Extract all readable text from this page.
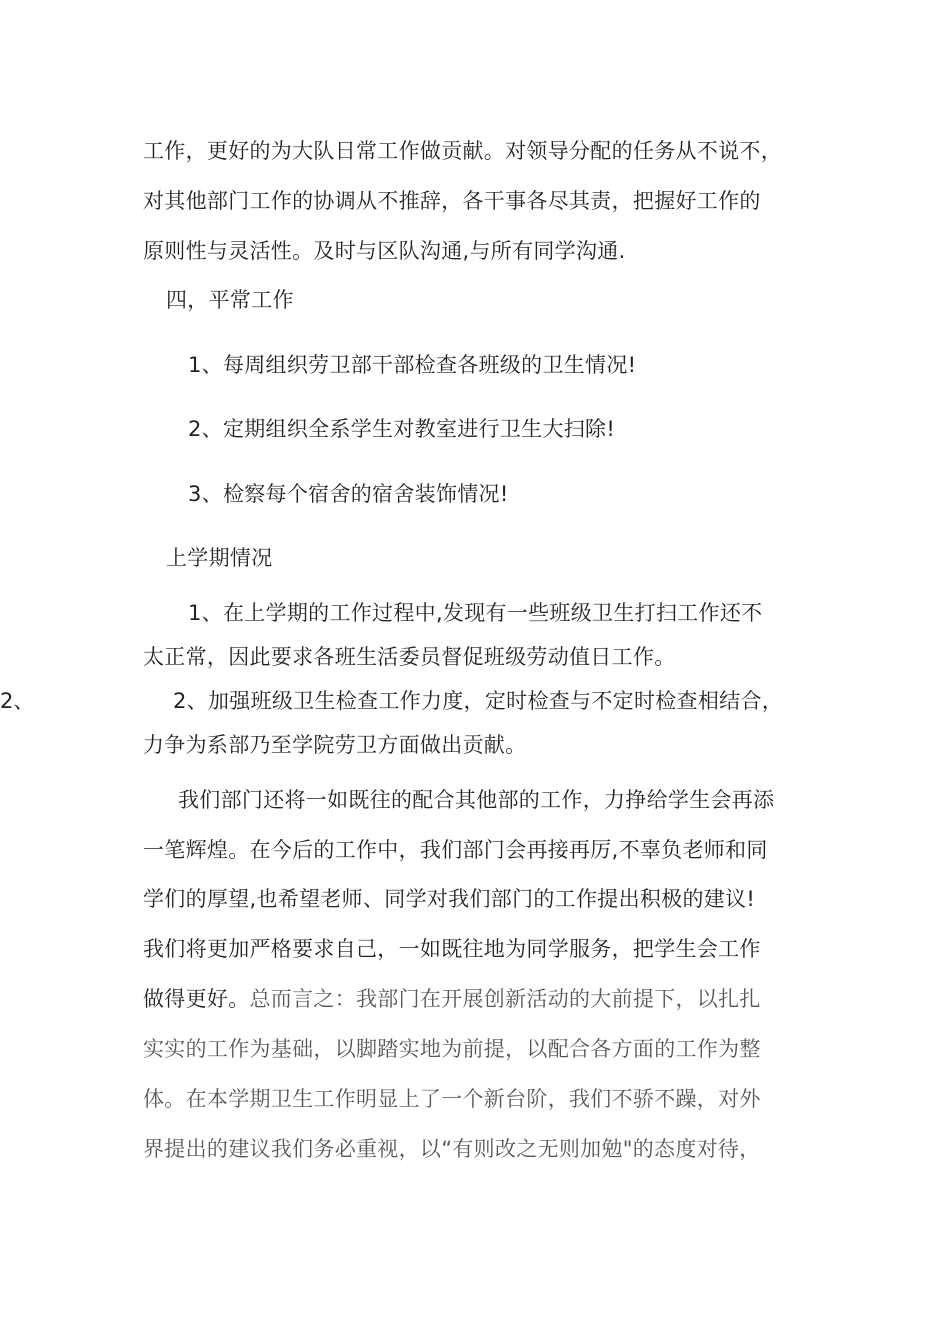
工作，更好的为大队日常工作做贡献。对领导分配的任务从不说不，
对其他部门工作的协调从不推辞，各干事各尽其责，把握好工作的
原则性与灵活性。及时与区队沟通,与所有同学沟通.
四，平常工作
1、每周组织劳卫部干部检查各班级的卫生情况!
2、定期组织全系学生对教室进行卫生大扫除!
3、检察每个宿舍的宿舍装饰情况!
上学期情况
1、在上学期的工作过程中,发现有一些班级卫生打扫工作还不
太正常，因此要求各班生活委员督促班级劳动值日工作。
2、	2、加强班级卫生检查工作力度，定时检查与不定时检查相结合，
力争为系部乃至学院劳卫方面做出贡献。
我们部门还将一如既往的配合其他部的工作，力挣给学生会再添
一笔辉煌。在今后的工作中，我们部门会再接再厉,不辜负老师和同
学们的厚望,也希望老师、同学对我们部门的工作提出积极的建议!
我们将更加严格要求自己，一如既往地为同学服务，把学生会工作
做得更好。总而言之：我部门在开展创新活动的大前提下，以扎扎
实实的工作为基础，以脚踏实地为前提，以配合各方面的工作为整
体。在本学期卫生工作明显上了一个新台阶，我们不骄不躁，对外
界提出的建议我们务必重视，以“有则改之无则加勉"的态度对待，
